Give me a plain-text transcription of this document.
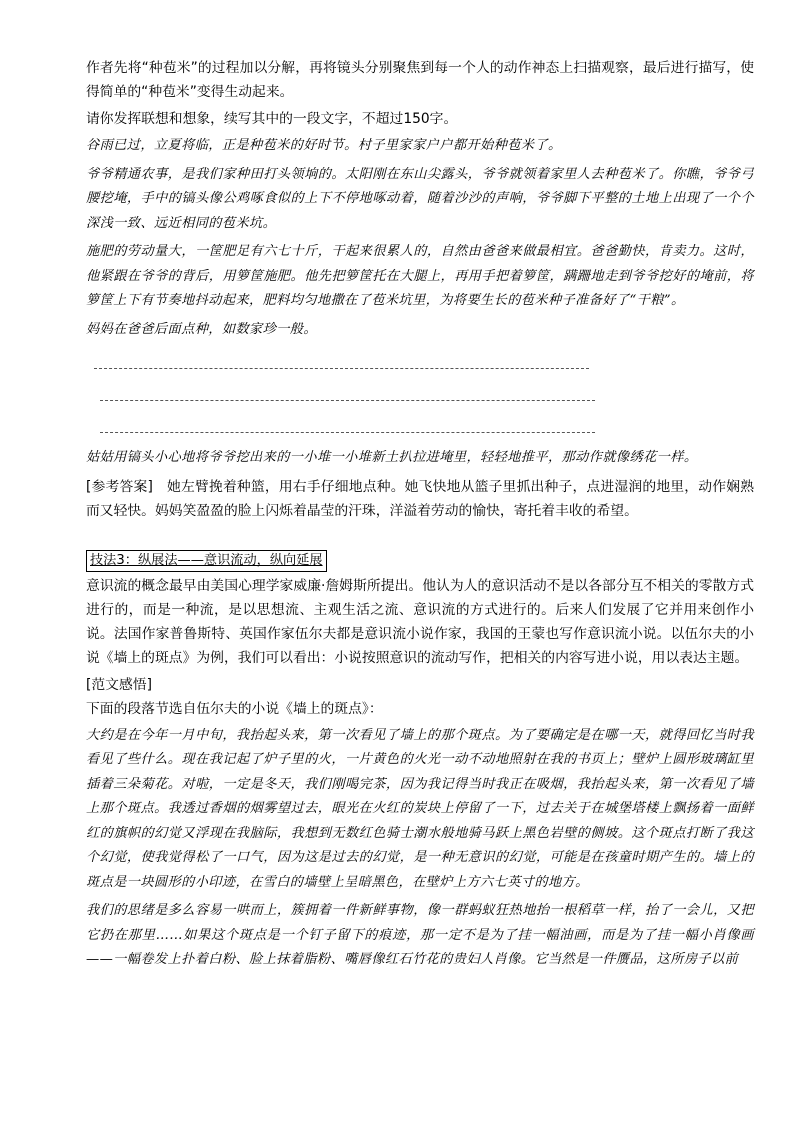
作者先将“种苞米”的过程加以分解，再将镜头分别聚焦到每一个人的动作神态上扫描观察，最后进行描写，使得简单的“种苞米”变得生动起来。

请你发挥联想和想象，续写其中的一段文字，不超过150字。

谷雨已过，立夏将临，正是种苞米的好时节。村子里家家户户都开始种苞米了。

爷爷精通农事，是我们家种田打头领垧的。太阳刚在东山尖露头，爷爷就领着家里人去种苞米了。你瞧，爷爷弓腰挖埯，手中的镐头像公鸡啄食似的上下不停地啄动着，随着沙沙的声响，爷爷脚下平整的土地上出现了一个个深浅一致、远近相同的苞米坑。

施肥的劳动量大，一筐肥足有六七十斤，干起来很累人的，自然由爸爸来做最相宜。爸爸勤快，肯卖力。这时，他紧跟在爷爷的背后，用箩筐施肥。他先把箩筐托在大腿上，再用手把着箩筐，蹒跚地走到爷爷挖好的埯前，将箩筐上下有节奏地抖动起来，肥料均匀地撒在了苞米坑里，为将要生长的苞米种子准备好了“干粮”。

妈妈在爸爸后面点种，如数家珍一般。

姑姑用镐头小心地将爷爷挖出来的一小堆一小堆新土扒拉进埯里，轻轻地推平，那动作就像绣花一样。

[参考答案]　她左臂挽着种篮，用右手仔细地点种。她飞快地从篮子里抓出种子，点进湿润的地里，动作娴熟而又轻快。妈妈笑盈盈的脸上闪烁着晶莹的汗珠，洋溢着劳动的愉快，寄托着丰收的希望。

技法3：纵展法——意识流动，纵向延展

意识流的概念最早由美国心理学家威廉·詹姆斯所提出。他认为人的意识活动不是以各部分互不相关的零散方式进行的，而是一种流，是以思想流、主观生活之流、意识流的方式进行的。后来人们发展了它并用来创作小说。法国作家普鲁斯特、英国作家伍尔夫都是意识流小说作家，我国的王蒙也写作意识流小说。以伍尔夫的小说《墙上的斑点》为例，我们可以看出：小说按照意识的流动写作，把相关的内容写进小说，用以表达主题。

[范文感悟]

下面的段落节选自伍尔夫的小说《墙上的斑点》：

大约是在今年一月中旬，我抬起头来，第一次看见了墙上的那个斑点。为了要确定是在哪一天，就得回忆当时我看见了些什么。现在我记起了炉子里的火，一片黄色的火光一动不动地照射在我的书页上；壁炉上圆形玻璃缸里插着三朵菊花。对啦，一定是冬天，我们刚喝完茶，因为我记得当时我正在吸烟，我抬起头来，第一次看见了墙上那个斑点。我透过香烟的烟雾望过去，眼光在火红的炭块上停留了一下，过去关于在城堡塔楼上飘扬着一面鲜红的旗帜的幻觉又浮现在我脑际，我想到无数红色骑士潮水般地骑马跃上黑色岩壁的侧坡。这个斑点打断了我这个幻觉，使我觉得松了一口气，因为这是过去的幻觉，是一种无意识的幻觉，可能是在孩童时期产生的。墙上的斑点是一块圆形的小印迹，在雪白的墙壁上呈暗黑色，在壁炉上方六七英寸的地方。

我们的思绪是多么容易一哄而上，簇拥着一件新鲜事物，像一群蚂蚁狂热地抬一根稻草一样，抬了一会儿，又把它扔在那里……如果这个斑点是一个钉子留下的痕迹，那一定不是为了挂一幅油画，而是为了挂一幅小肖像画——一幅卷发上扑着白粉、脸上抹着脂粉、嘴唇像红石竹花的贵妇人肖像。它当然是一件赝品，这所房子以前
